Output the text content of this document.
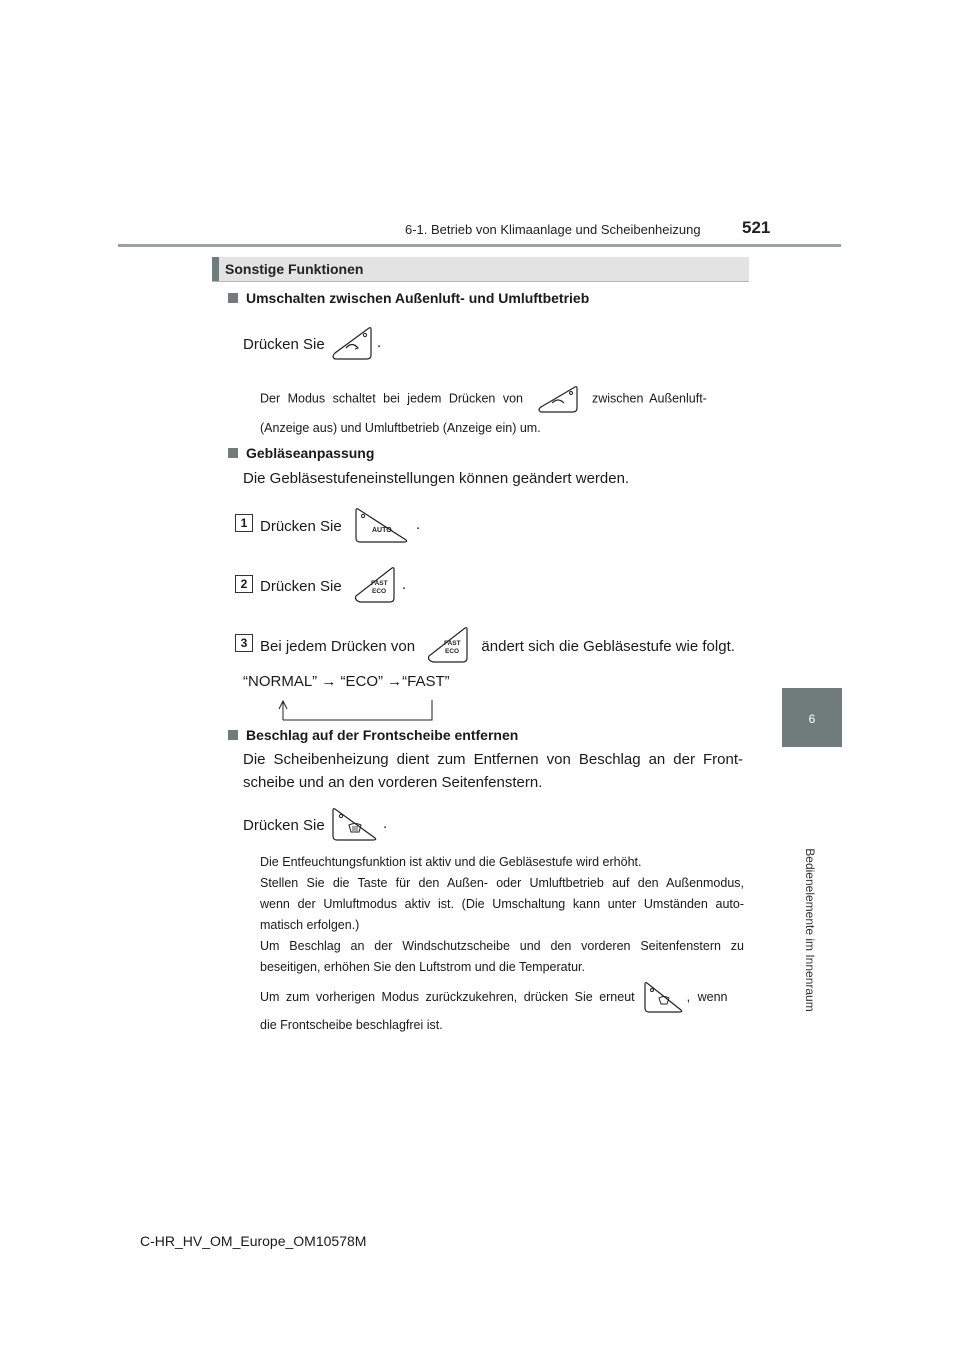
6-1. Betrieb von Klimaanlage und Scheibenheizung 521
6
Bedienelemente im Innenraum
Sonstige Funktionen
Umschalten zwischen Außenluft- und Umluftbetrieb
Drücken Sie	.
Der Modus schaltet bei jedem Drücken von	zwischen Außenluft-
(Anzeige aus) und Umluftbetrieb (Anzeige ein) um.
Gebläseanpassung
Die Gebläsestufeneinstellungen können geändert werden.
1 Drücken Sie	AUTO .
2 Drücken Sie	FAST
ECO .
3 Bei jedem Drücken von	FAST
ECO ändert sich die Gebläsestufe wie folgt.
“NORMAL” → “ECO” →“FAST”
Beschlag auf der Frontscheibe entfernen
Die Scheibenheizung dient zum Entfernen von Beschlag an der Front-
scheibe und an den vorderen Seitenfenstern.
Drücken Sie	.
Die Entfeuchtungsfunktion ist aktiv und die Gebläsestufe wird erhöht.
Stellen Sie die Taste für den Außen- oder Umluftbetrieb auf den Außenmodus,
wenn der Umluftmodus aktiv ist. (Die Umschaltung kann unter Umständen auto-
matisch erfolgen.)
Um Beschlag an der Windschutzscheibe und den vorderen Seitenfenstern zu
beseitigen, erhöhen Sie den Luftstrom und die Temperatur.
Um zum vorherigen Modus zurückzukehren, drücken Sie erneut	, wenn
die Frontscheibe beschlagfrei ist.
C-HR_HV_OM_Europe_OM10578M
